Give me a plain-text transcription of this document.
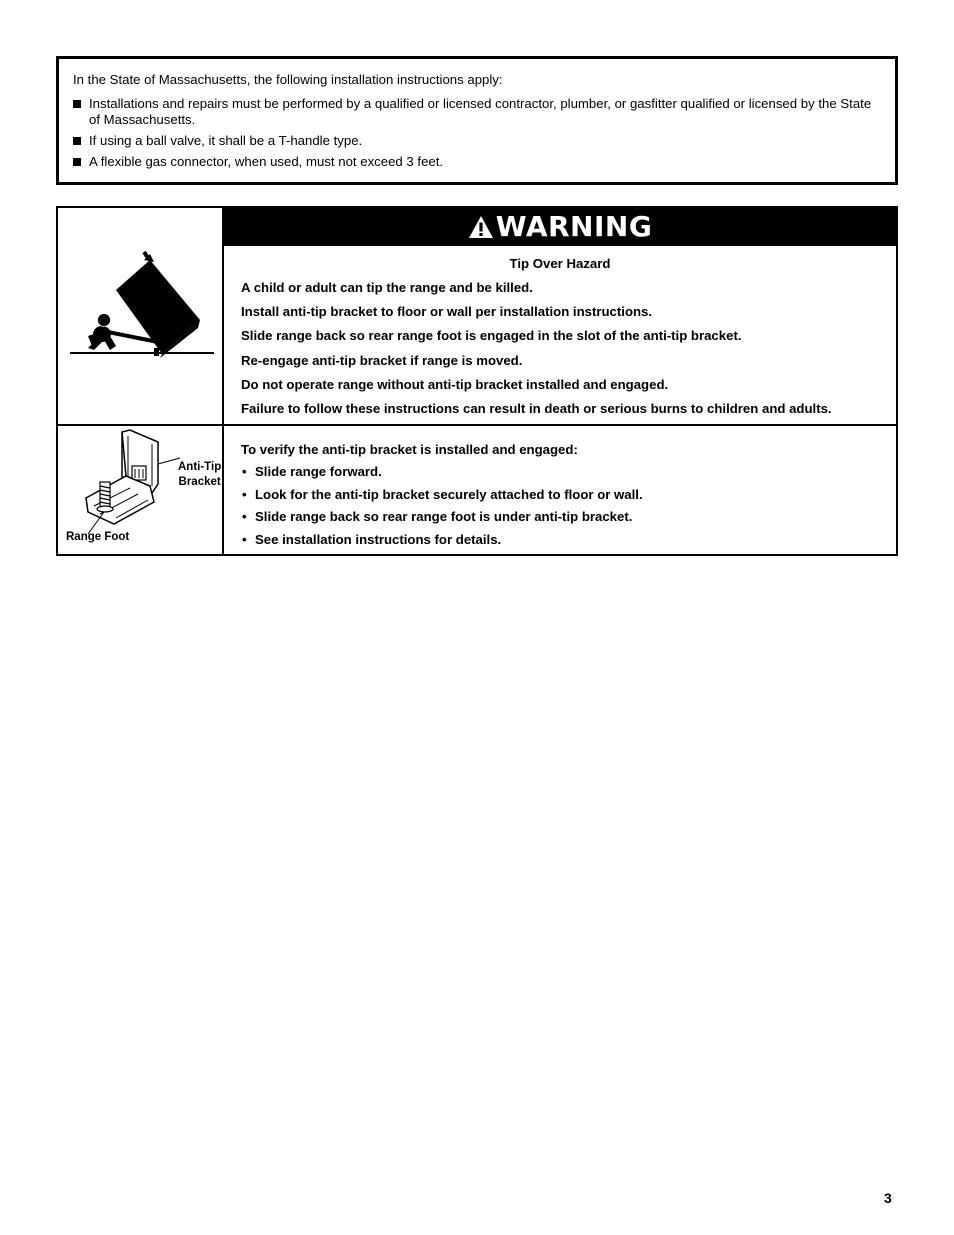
In the State of Massachusetts, the following installation instructions apply:
Installations and repairs must be performed by a qualified or licensed contractor, plumber, or gasfitter qualified or licensed by the State of Massachusetts.
If using a ball valve, it shall be a T-handle type.
A flexible gas connector, when used, must not exceed 3 feet.
WARNING
Tip Over Hazard
A child or adult can tip the range and be killed.
Install anti-tip bracket to floor or wall per installation instructions.
Slide range back so rear range foot is engaged in the slot of the anti-tip bracket.
Re-engage anti-tip bracket if range is moved.
Do not operate range without anti-tip bracket installed and engaged.
Failure to follow these instructions can result in death or serious burns to children and adults.
Anti-Tip
Bracket
Range Foot
To verify the anti-tip bracket is installed and engaged:
• Slide range forward.
• Look for the anti-tip bracket securely attached to floor or wall.
• Slide range back so rear range foot is under anti-tip bracket.
• See installation instructions for details.
3
